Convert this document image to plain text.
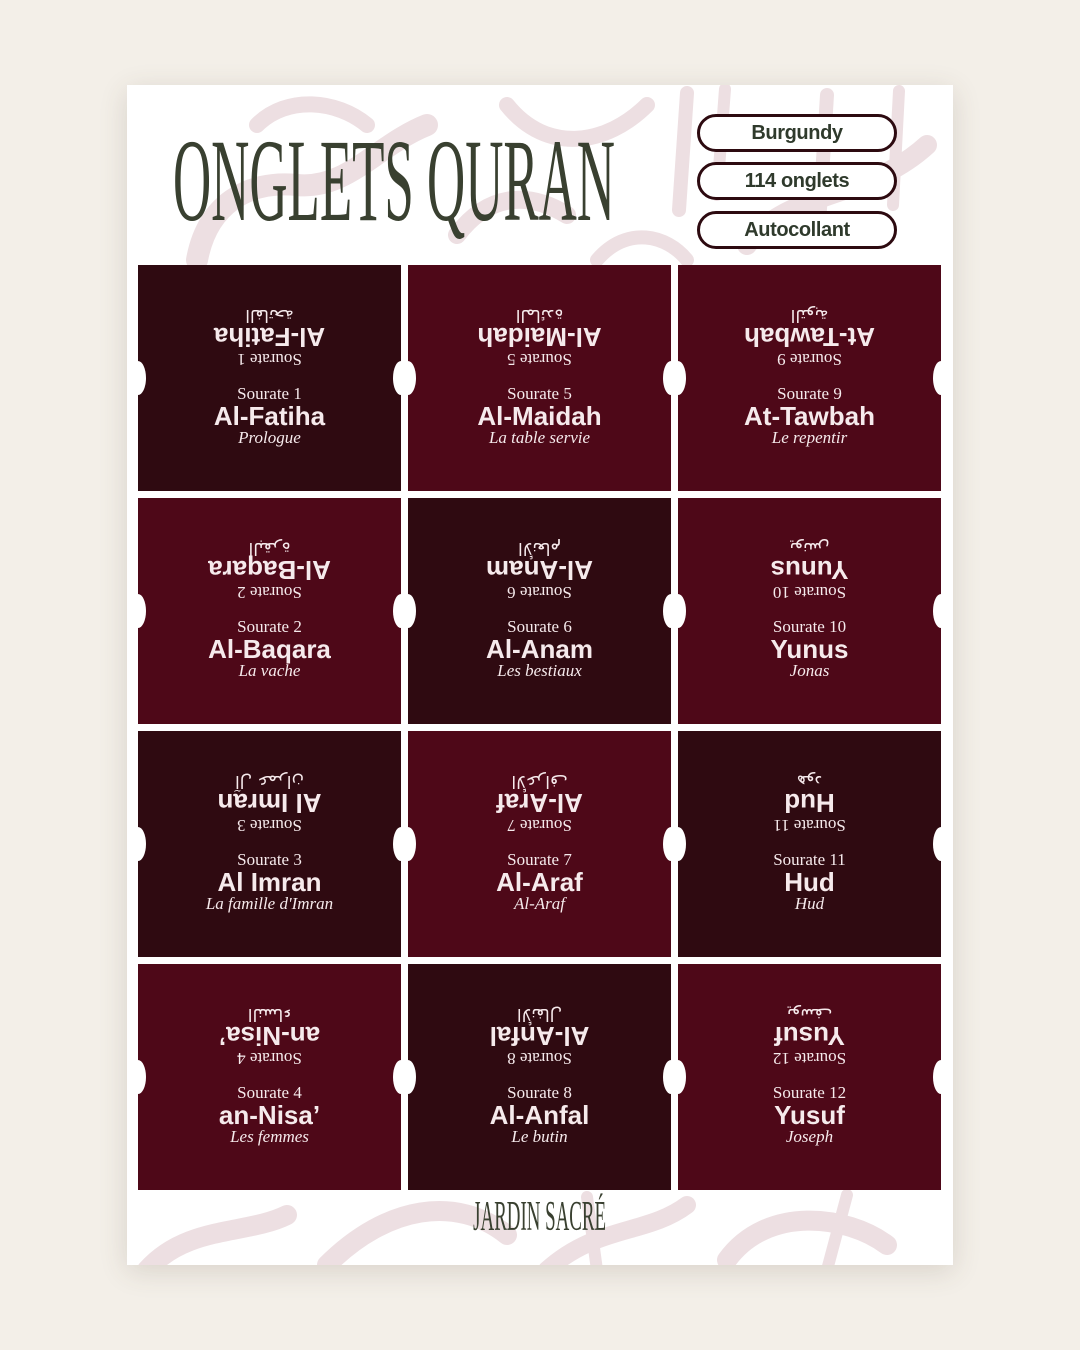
ONGLETS QURAN	Burgundy
114 onglets
Autocollant
Sourate 1
Al-Fatiha
الفاتحة
Sourate 1
Al-Fatiha
Prologue
Sourate 2
Al-Baqara
البقرة
Sourate 2
Al-Baqara
La vache
Sourate 3
Al Imran
آل عمران
Sourate 3
Al Imran
La famille d'Imran
Sourate 4
an-Nisa’
النساء
Sourate 4
an-Nisa’
Les femmes
Sourate 5
Al-Maidah
المائدة
Sourate 5
Al-Maidah
La table servie
Sourate 6
Al-Anam
الأنعام
Sourate 6
Al-Anam
Les bestiaux
Sourate 7
Al-Araf
الأعراف
Sourate 7
Al-Araf
Al-Araf
Sourate 8
Al-Anfal
الأنفال
Sourate 8
Al-Anfal
Le butin
Sourate 9
At-Tawbah
التوبة
Sourate 9
At-Tawbah
Le repentir
Sourate 10
Yunus
يونس
Sourate 10
Yunus
Jonas
Sourate 11
Hud
هود
Sourate 11
Hud
Hud
Sourate 12
Yusuf
يوسف
Sourate 12
Yusuf
Joseph
JARDIN SACRÉ
